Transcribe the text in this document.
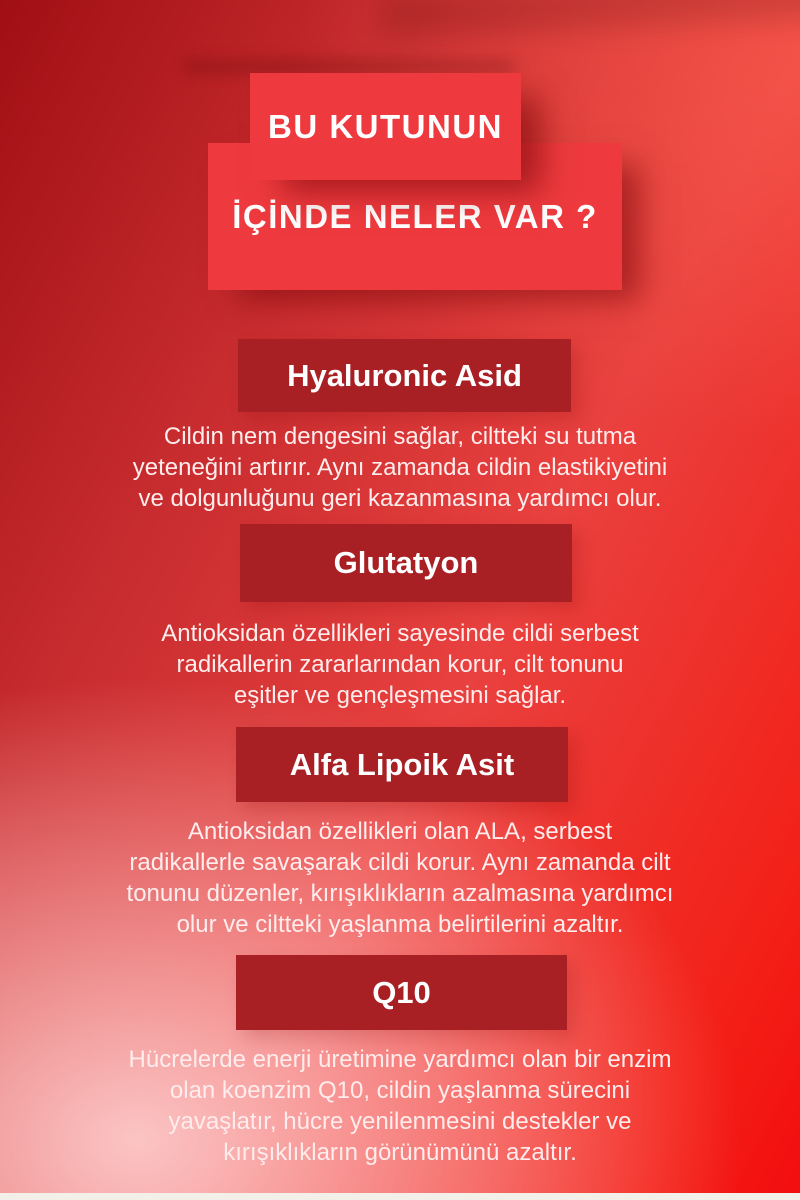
BU KUTUNUN
İÇİNDE NELER VAR ?
Hyaluronic Asid
Cildin nem dengesini sağlar, ciltteki su tutma
yeteneğini artırır. Aynı zamanda cildin elastikiyetini
ve dolgunluğunu geri kazanmasına yardımcı olur.
Glutatyon
Antioksidan özellikleri sayesinde cildi serbest
radikallerin zararlarından korur, cilt tonunu
eşitler ve gençleşmesini sağlar.
Alfa Lipoik Asit
Antioksidan özellikleri olan ALA, serbest
radikallerle savaşarak cildi korur. Aynı zamanda cilt
tonunu düzenler, kırışıklıkların azalmasına yardımcı
olur ve ciltteki yaşlanma belirtilerini azaltır.
Q10
Hücrelerde enerji üretimine yardımcı olan bir enzim
olan koenzim Q10, cildin yaşlanma sürecini
yavaşlatır, hücre yenilenmesini destekler ve
kırışıklıkların görünümünü azaltır.
